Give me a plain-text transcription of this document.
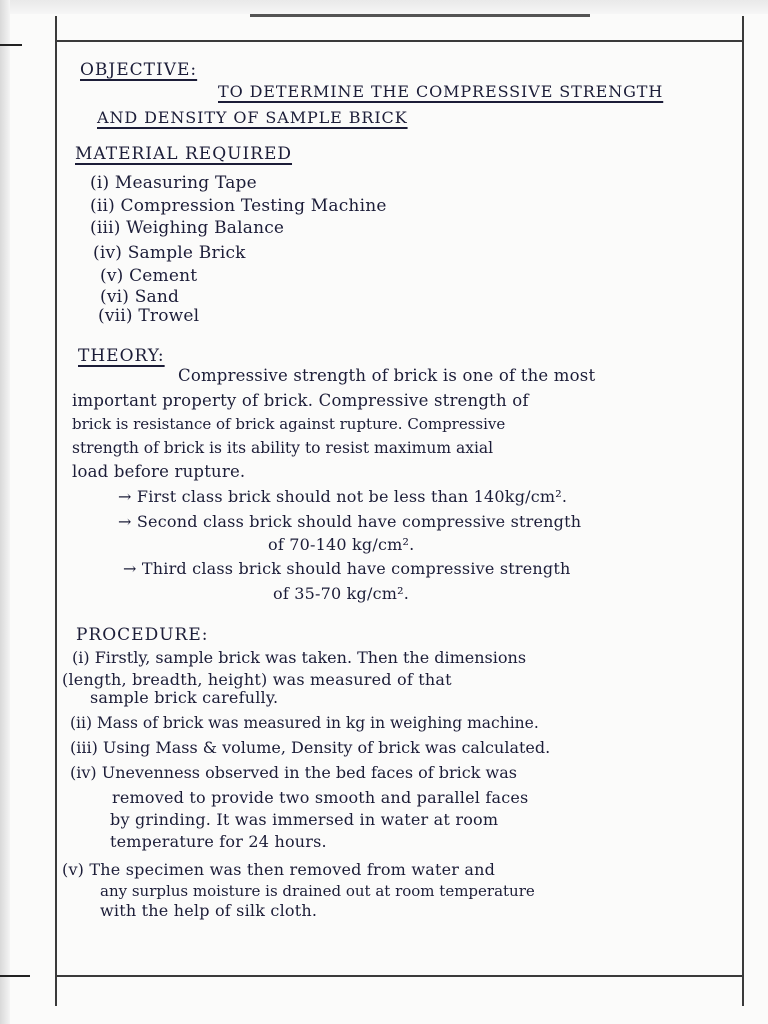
OBJECTIVE:
TO DETERMINE THE COMPRESSIVE STRENGTH
AND DENSITY OF SAMPLE BRICK
MATERIAL REQUIRED
(i) Measuring Tape
(ii) Compression Testing Machine
(iii) Weighing Balance
(iv) Sample Brick
(v) Cement
(vi) Sand
(vii) Trowel
THEORY:
Compressive strength of brick is one of the most
important property of brick. Compressive strength of
brick is resistance of brick against rupture. Compressive
strength of brick is its ability to resist maximum axial
load before rupture.
→ First class brick should not be less than 140kg/cm².
→ Second class brick should have compressive strength
of 70-140 kg/cm².
→ Third class brick should have compressive strength
of 35-70 kg/cm².
PROCEDURE:
(i) Firstly, sample brick was taken. Then the dimensions
(length, breadth, height) was measured of that
sample brick carefully.
(ii) Mass of brick was measured in kg in weighing machine.
(iii) Using Mass & volume, Density of brick was calculated.
(iv) Unevenness observed in the bed faces of brick was
removed to provide two smooth and parallel faces
by grinding. It was immersed in water at room
temperature for 24 hours.
(v) The specimen was then removed from water and
any surplus moisture is drained out at room temperature
with the help of silk cloth.
